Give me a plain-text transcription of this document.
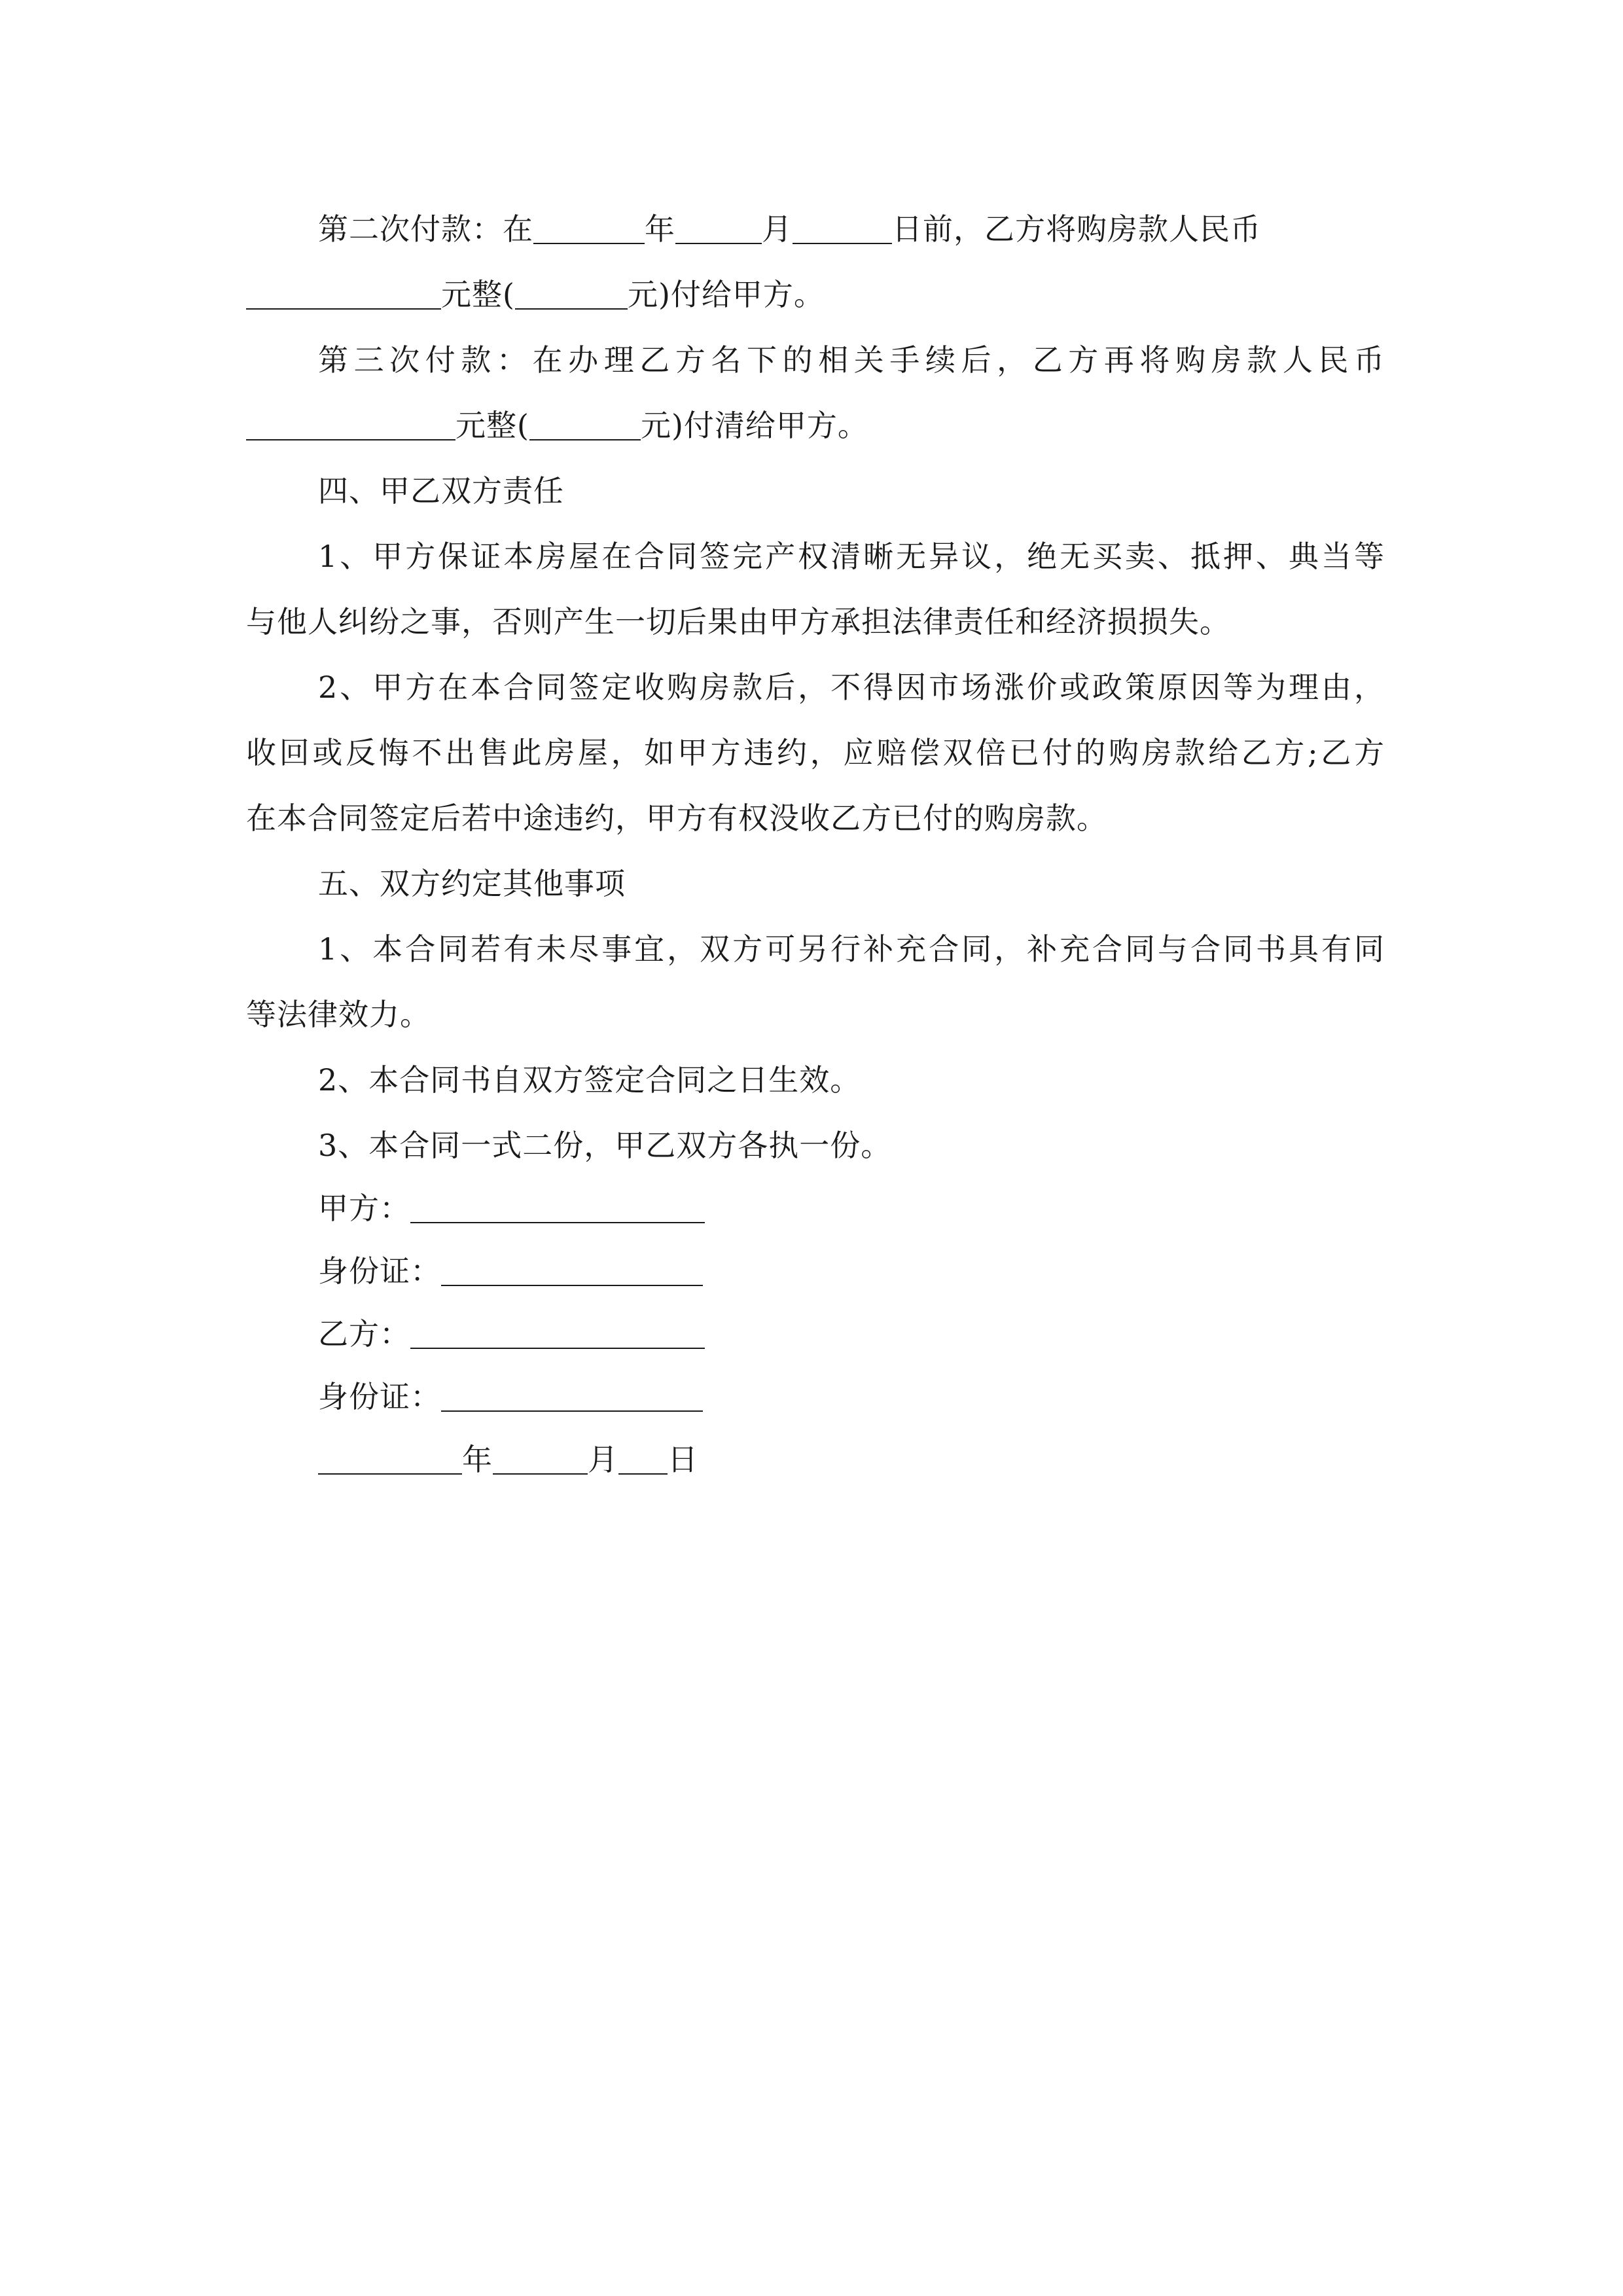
第二次付款：在	年	月	日前，乙方将购房款人民币
元整(	元)付给甲方。
第三次付款：在办理乙方名下的相关手续后，乙方再将购房款人民币
元整(	元)付清给甲方。
四、甲乙双方责任
1、甲方保证本房屋在合同签完产权清晰无异议，绝无买卖、抵押、典当等
与他人纠纷之事，否则产生一切后果由甲方承担法律责任和经济损损失。
2、甲方在本合同签定收购房款后，不得因市场涨价或政策原因等为理由，
收回或反悔不出售此房屋，如甲方违约，应赔偿双倍已付的购房款给乙方;乙方
在本合同签定后若中途违约，甲方有权没收乙方已付的购房款。
五、双方约定其他事项
1、本合同若有未尽事宜，双方可另行补充合同，补充合同与合同书具有同
等法律效力。
2、本合同书自双方签定合同之日生效。
3、本合同一式二份，甲乙双方各执一份。
甲方：
身份证：
乙方：
身份证：
年	月 日
